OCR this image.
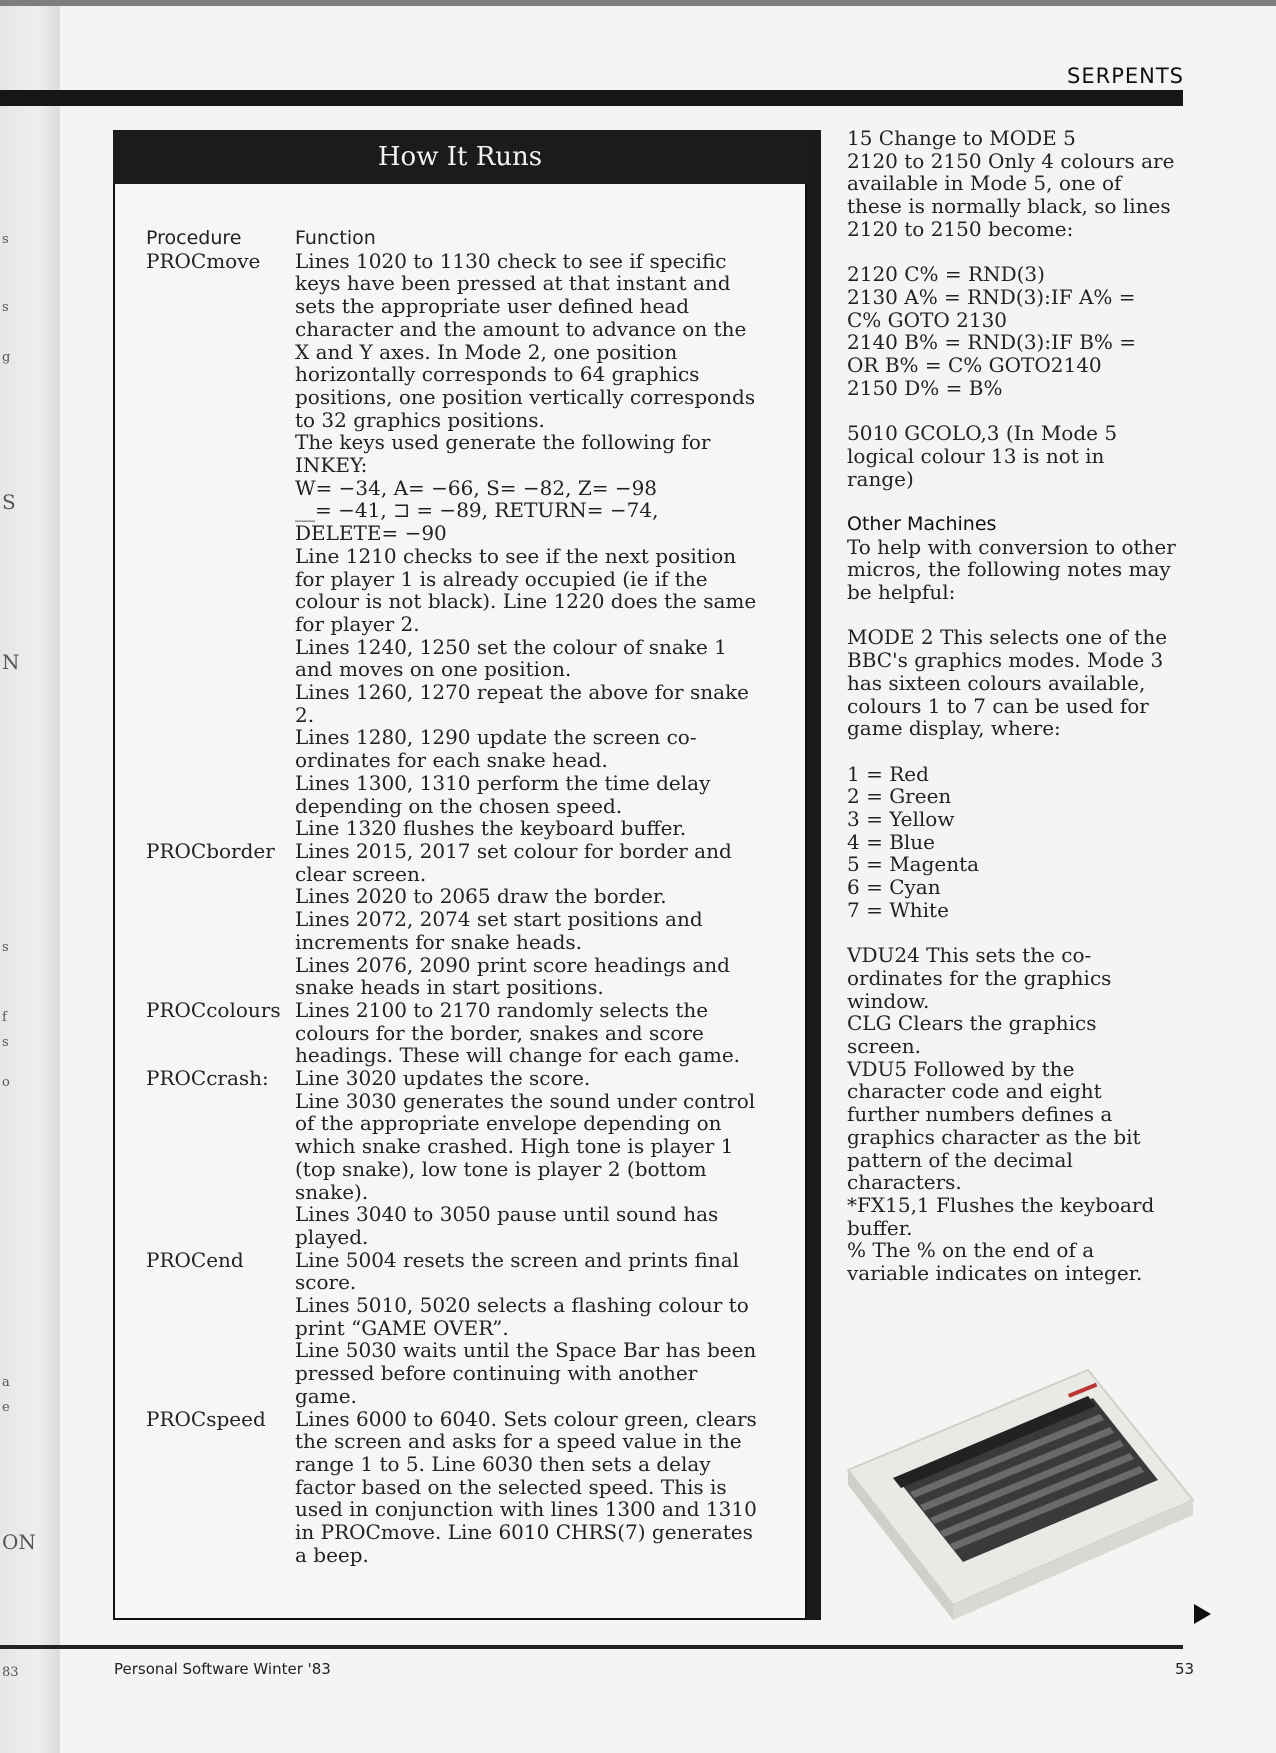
s
s
g
S
N
s
f
s
o
a
e
ON
83
SERPENTS
How It Runs
Procedure	Function
PROCmove	Lines 1020 to 1130 check to see if specific
keys have been pressed at that instant and
sets the appropriate user defined head
character and the amount to advance on the
X and Y axes. In Mode 2, one position
horizontally corresponds to 64 graphics
positions, one position vertically corresponds
to 32 graphics positions.
The keys used generate the following for
INKEY:
W= −34, A= −66, S= −82, Z= −98
__= −41, ⊐ = −89, RETURN= −74,
DELETE= −90
Line 1210 checks to see if the next position
for player 1 is already occupied (ie if the
colour is not black). Line 1220 does the same
for player 2.
Lines 1240, 1250 set the colour of snake 1
and moves on one position.
Lines 1260, 1270 repeat the above for snake
2.
Lines 1280, 1290 update the screen co-
ordinates for each snake head.
Lines 1300, 1310 perform the time delay
depending on the chosen speed.
Line 1320 flushes the keyboard buffer.
PROCborder	Lines 2015, 2017 set colour for border and
clear screen.
Lines 2020 to 2065 draw the border.
Lines 2072, 2074 set start positions and
increments for snake heads.
Lines 2076, 2090 print score headings and
snake heads in start positions.
PROCcolours Lines 2100 to 2170 randomly selects the
colours for the border, snakes and score
headings. These will change for each game.
PROCcrash:	Line 3020 updates the score.
Line 3030 generates the sound under control
of the appropriate envelope depending on
which snake crashed. High tone is player 1
(top snake), low tone is player 2 (bottom
snake).
Lines 3040 to 3050 pause until sound has
played.
PROCend	Line 5004 resets the screen and prints final
score.
Lines 5010, 5020 selects a flashing colour to
print “GAME OVER”.
Line 5030 waits until the Space Bar has been
pressed before continuing with another
game.
PROCspeed	Lines 6000 to 6040. Sets colour green, clears
the screen and asks for a speed value in the
range 1 to 5. Line 6030 then sets a delay
factor based on the selected speed. This is
used in conjunction with lines 1300 and 1310
in PROCmove. Line 6010 CHRS(7) generates
a beep.
15 Change to MODE 5
2120 to 2150 Only 4 colours are
available in Mode 5, one of
these is normally black, so lines
2120 to 2150 become:
2120 C% = RND(3)
2130 A% = RND(3):IF A% =
C% GOTO 2130
2140 B% = RND(3):IF B% =
OR B% = C% GOTO2140
2150 D% = B%
5010 GCOLO,3 (In Mode 5
logical colour 13 is not in
range)
Other Machines
To help with conversion to other
micros, the following notes may
be helpful:
MODE 2 This selects one of the
BBC's graphics modes. Mode 3
has sixteen colours available,
colours 1 to 7 can be used for
game display, where:
1 = Red
2 = Green
3 = Yellow
4 = Blue
5 = Magenta
6 = Cyan
7 = White
VDU24 This sets the co-
ordinates for the graphics
window.
CLG Clears the graphics
screen.
VDU5 Followed by the
character code and eight
further numbers defines a
graphics character as the bit
pattern of the decimal
characters.
*FX15,1 Flushes the keyboard
buffer.
% The % on the end of a
variable indicates on integer.
Personal Software Winter '83	53
